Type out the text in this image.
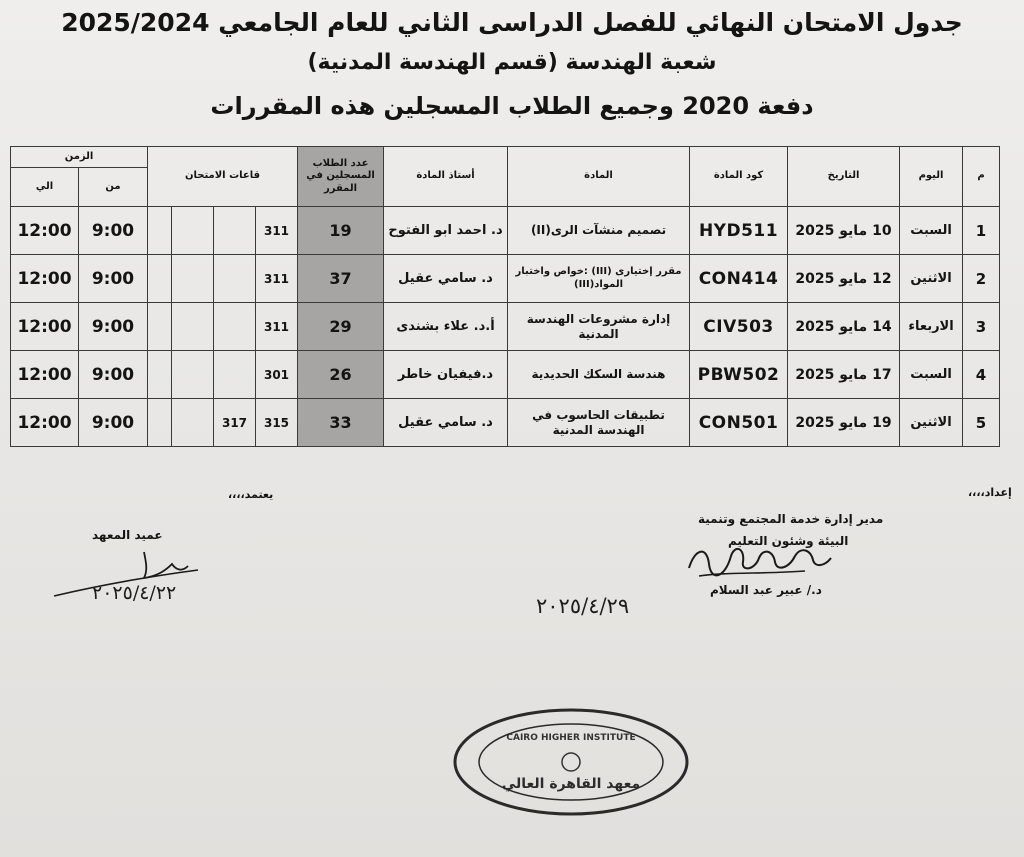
جدول الامتحان النهائي للفصل الدراسى الثاني للعام الجامعي 2025/2024
شعبة الهندسة (قسم الهندسة المدنية)
دفعة 2020 وجميع الطلاب المسجلين هذه المقررات
م	اليوم	التاريخ	كود المادة	المادة	أستاذ المادة	عدد الطلاب المسجلين في المقرر	قاعات الامتحان				الزمن	
											من	الي
1	السبت	10 مايو 2025	HYD511	تصميم منشآت الرى(II)	د. احمد ابو الفتوح	19	311				9:00	12:00
2	الاثنين	12 مايو 2025	CON414	مقرر إختيارى (III) :خواص واختبار المواد(III)	د. سامي عقيل	37	311				9:00	12:00
3	الاربعاء	14 مايو 2025	CIV503	إدارة مشروعات الهندسة المدنية	أ.د. علاء بشندى	29	311				9:00	12:00
4	السبت	17 مايو 2025	PBW502	هندسة السكك الحديدية	د.فيفيان خاطر	26	301				9:00	12:00
5	الاثنين	19 مايو 2025	CON501	تطبيقات الحاسوب في الهندسة المدنية	د. سامي عقيل	33	315	317			9:00	12:00
إعداد،،،،
يعتمد،،،،
مدير إدارة خدمة المجتمع وتنمية
البيئة وشئون التعليم
د./ عبير عبد السلام
٢٠٢٥/٤/٢٩
عميد المعهد
٢٠٢٥/٤/٢٢
CAIRO HIGHER INSTITUTE
معهد القاهرة العالي
